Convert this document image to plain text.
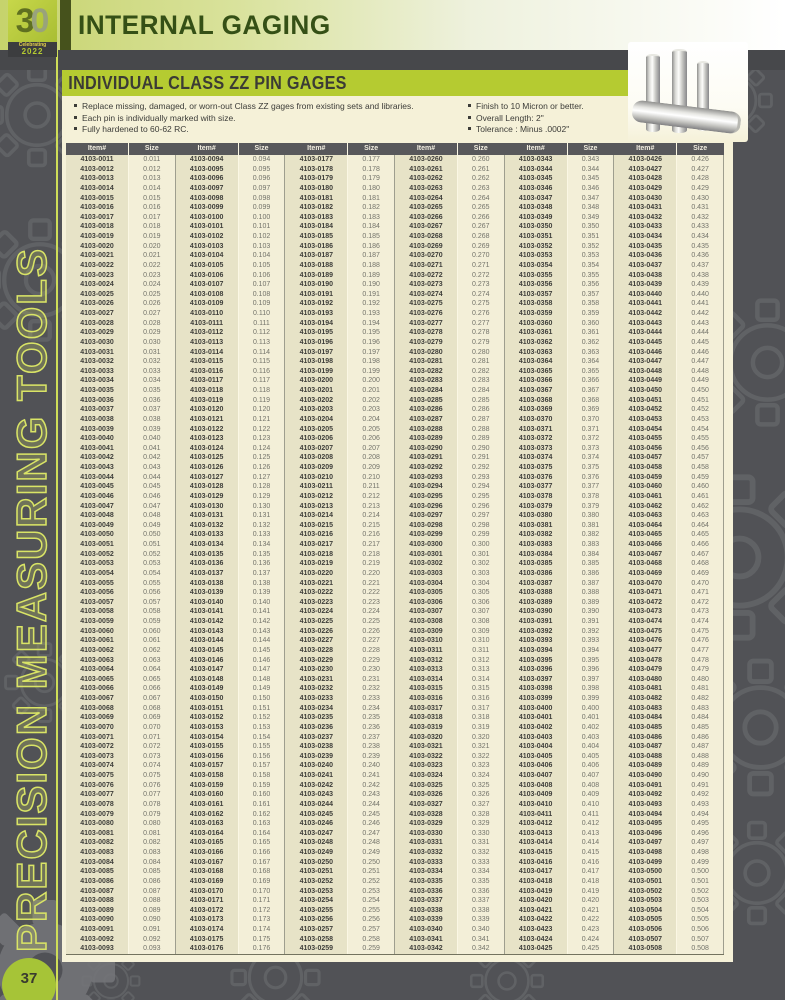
INTERNAL GAGING
3
0
Celebrating
2022
PRECISION MEASURING TOOLS
37
INDIVIDUAL CLASS ZZ PIN GAGES
Replace missing, damaged, or worn-out Class ZZ gages from existing sets and libraries.
Each pin is individually marked with size.
Fully hardened to 60-62 RC.
Finish to 10 Micron or better.
Overall Length: 2"
Tolerance : Minus .0002"
Item#	Size	Item#	Size	Item#	Size	Item#	Size	Item#	Size	Item#	Size
4103-0011	0.011	4103-0094	0.094	4103-0177	0.177	4103-0260	0.260	4103-0343	0.343	4103-0426	0.426
4103-0012	0.012	4103-0095	0.095	4103-0178	0.178	4103-0261	0.261	4103-0344	0.344	4103-0427	0.427
4103-0013	0.013	4103-0096	0.096	4103-0179	0.179	4103-0262	0.262	4103-0345	0.345	4103-0428	0.428
4103-0014	0.014	4103-0097	0.097	4103-0180	0.180	4103-0263	0.263	4103-0346	0.346	4103-0429	0.429
4103-0015	0.015	4103-0098	0.098	4103-0181	0.181	4103-0264	0.264	4103-0347	0.347	4103-0430	0.430
4103-0016	0.016	4103-0099	0.099	4103-0182	0.182	4103-0265	0.265	4103-0348	0.348	4103-0431	0.431
4103-0017	0.017	4103-0100	0.100	4103-0183	0.183	4103-0266	0.266	4103-0349	0.349	4103-0432	0.432
4103-0018	0.018	4103-0101	0.101	4103-0184	0.184	4103-0267	0.267	4103-0350	0.350	4103-0433	0.433
4103-0019	0.019	4103-0102	0.102	4103-0185	0.185	4103-0268	0.268	4103-0351	0.351	4103-0434	0.434
4103-0020	0.020	4103-0103	0.103	4103-0186	0.186	4103-0269	0.269	4103-0352	0.352	4103-0435	0.435
4103-0021	0.021	4103-0104	0.104	4103-0187	0.187	4103-0270	0.270	4103-0353	0.353	4103-0436	0.436
4103-0022	0.022	4103-0105	0.105	4103-0188	0.188	4103-0271	0.271	4103-0354	0.354	4103-0437	0.437
4103-0023	0.023	4103-0106	0.106	4103-0189	0.189	4103-0272	0.272	4103-0355	0.355	4103-0438	0.438
4103-0024	0.024	4103-0107	0.107	4103-0190	0.190	4103-0273	0.273	4103-0356	0.356	4103-0439	0.439
4103-0025	0.025	4103-0108	0.108	4103-0191	0.191	4103-0274	0.274	4103-0357	0.357	4103-0440	0.440
4103-0026	0.026	4103-0109	0.109	4103-0192	0.192	4103-0275	0.275	4103-0358	0.358	4103-0441	0.441
4103-0027	0.027	4103-0110	0.110	4103-0193	0.193	4103-0276	0.276	4103-0359	0.359	4103-0442	0.442
4103-0028	0.028	4103-0111	0.111	4103-0194	0.194	4103-0277	0.277	4103-0360	0.360	4103-0443	0.443
4103-0029	0.029	4103-0112	0.112	4103-0195	0.195	4103-0278	0.278	4103-0361	0.361	4103-0444	0.444
4103-0030	0.030	4103-0113	0.113	4103-0196	0.196	4103-0279	0.279	4103-0362	0.362	4103-0445	0.445
4103-0031	0.031	4103-0114	0.114	4103-0197	0.197	4103-0280	0.280	4103-0363	0.363	4103-0446	0.446
4103-0032	0.032	4103-0115	0.115	4103-0198	0.198	4103-0281	0.281	4103-0364	0.364	4103-0447	0.447
4103-0033	0.033	4103-0116	0.116	4103-0199	0.199	4103-0282	0.282	4103-0365	0.365	4103-0448	0.448
4103-0034	0.034	4103-0117	0.117	4103-0200	0.200	4103-0283	0.283	4103-0366	0.366	4103-0449	0.449
4103-0035	0.035	4103-0118	0.118	4103-0201	0.201	4103-0284	0.284	4103-0367	0.367	4103-0450	0.450
4103-0036	0.036	4103-0119	0.119	4103-0202	0.202	4103-0285	0.285	4103-0368	0.368	4103-0451	0.451
4103-0037	0.037	4103-0120	0.120	4103-0203	0.203	4103-0286	0.286	4103-0369	0.369	4103-0452	0.452
4103-0038	0.038	4103-0121	0.121	4103-0204	0.204	4103-0287	0.287	4103-0370	0.370	4103-0453	0.453
4103-0039	0.039	4103-0122	0.122	4103-0205	0.205	4103-0288	0.288	4103-0371	0.371	4103-0454	0.454
4103-0040	0.040	4103-0123	0.123	4103-0206	0.206	4103-0289	0.289	4103-0372	0.372	4103-0455	0.455
4103-0041	0.041	4103-0124	0.124	4103-0207	0.207	4103-0290	0.290	4103-0373	0.373	4103-0456	0.456
4103-0042	0.042	4103-0125	0.125	4103-0208	0.208	4103-0291	0.291	4103-0374	0.374	4103-0457	0.457
4103-0043	0.043	4103-0126	0.126	4103-0209	0.209	4103-0292	0.292	4103-0375	0.375	4103-0458	0.458
4103-0044	0.044	4103-0127	0.127	4103-0210	0.210	4103-0293	0.293	4103-0376	0.376	4103-0459	0.459
4103-0045	0.045	4103-0128	0.128	4103-0211	0.211	4103-0294	0.294	4103-0377	0.377	4103-0460	0.460
4103-0046	0.046	4103-0129	0.129	4103-0212	0.212	4103-0295	0.295	4103-0378	0.378	4103-0461	0.461
4103-0047	0.047	4103-0130	0.130	4103-0213	0.213	4103-0296	0.296	4103-0379	0.379	4103-0462	0.462
4103-0048	0.048	4103-0131	0.131	4103-0214	0.214	4103-0297	0.297	4103-0380	0.380	4103-0463	0.463
4103-0049	0.049	4103-0132	0.132	4103-0215	0.215	4103-0298	0.298	4103-0381	0.381	4103-0464	0.464
4103-0050	0.050	4103-0133	0.133	4103-0216	0.216	4103-0299	0.299	4103-0382	0.382	4103-0465	0.465
4103-0051	0.051	4103-0134	0.134	4103-0217	0.217	4103-0300	0.300	4103-0383	0.383	4103-0466	0.466
4103-0052	0.052	4103-0135	0.135	4103-0218	0.218	4103-0301	0.301	4103-0384	0.384	4103-0467	0.467
4103-0053	0.053	4103-0136	0.136	4103-0219	0.219	4103-0302	0.302	4103-0385	0.385	4103-0468	0.468
4103-0054	0.054	4103-0137	0.137	4103-0220	0.220	4103-0303	0.303	4103-0386	0.386	4103-0469	0.469
4103-0055	0.055	4103-0138	0.138	4103-0221	0.221	4103-0304	0.304	4103-0387	0.387	4103-0470	0.470
4103-0056	0.056	4103-0139	0.139	4103-0222	0.222	4103-0305	0.305	4103-0388	0.388	4103-0471	0.471
4103-0057	0.057	4103-0140	0.140	4103-0223	0.223	4103-0306	0.306	4103-0389	0.389	4103-0472	0.472
4103-0058	0.058	4103-0141	0.141	4103-0224	0.224	4103-0307	0.307	4103-0390	0.390	4103-0473	0.473
4103-0059	0.059	4103-0142	0.142	4103-0225	0.225	4103-0308	0.308	4103-0391	0.391	4103-0474	0.474
4103-0060	0.060	4103-0143	0.143	4103-0226	0.226	4103-0309	0.309	4103-0392	0.392	4103-0475	0.475
4103-0061	0.061	4103-0144	0.144	4103-0227	0.227	4103-0310	0.310	4103-0393	0.393	4103-0476	0.476
4103-0062	0.062	4103-0145	0.145	4103-0228	0.228	4103-0311	0.311	4103-0394	0.394	4103-0477	0.477
4103-0063	0.063	4103-0146	0.146	4103-0229	0.229	4103-0312	0.312	4103-0395	0.395	4103-0478	0.478
4103-0064	0.064	4103-0147	0.147	4103-0230	0.230	4103-0313	0.313	4103-0396	0.396	4103-0479	0.479
4103-0065	0.065	4103-0148	0.148	4103-0231	0.231	4103-0314	0.314	4103-0397	0.397	4103-0480	0.480
4103-0066	0.066	4103-0149	0.149	4103-0232	0.232	4103-0315	0.315	4103-0398	0.398	4103-0481	0.481
4103-0067	0.067	4103-0150	0.150	4103-0233	0.233	4103-0316	0.316	4103-0399	0.399	4103-0482	0.482
4103-0068	0.068	4103-0151	0.151	4103-0234	0.234	4103-0317	0.317	4103-0400	0.400	4103-0483	0.483
4103-0069	0.069	4103-0152	0.152	4103-0235	0.235	4103-0318	0.318	4103-0401	0.401	4103-0484	0.484
4103-0070	0.070	4103-0153	0.153	4103-0236	0.236	4103-0319	0.319	4103-0402	0.402	4103-0485	0.485
4103-0071	0.071	4103-0154	0.154	4103-0237	0.237	4103-0320	0.320	4103-0403	0.403	4103-0486	0.486
4103-0072	0.072	4103-0155	0.155	4103-0238	0.238	4103-0321	0.321	4103-0404	0.404	4103-0487	0.487
4103-0073	0.073	4103-0156	0.156	4103-0239	0.239	4103-0322	0.322	4103-0405	0.405	4103-0488	0.488
4103-0074	0.074	4103-0157	0.157	4103-0240	0.240	4103-0323	0.323	4103-0406	0.406	4103-0489	0.489
4103-0075	0.075	4103-0158	0.158	4103-0241	0.241	4103-0324	0.324	4103-0407	0.407	4103-0490	0.490
4103-0076	0.076	4103-0159	0.159	4103-0242	0.242	4103-0325	0.325	4103-0408	0.408	4103-0491	0.491
4103-0077	0.077	4103-0160	0.160	4103-0243	0.243	4103-0326	0.326	4103-0409	0.409	4103-0492	0.492
4103-0078	0.078	4103-0161	0.161	4103-0244	0.244	4103-0327	0.327	4103-0410	0.410	4103-0493	0.493
4103-0079	0.079	4103-0162	0.162	4103-0245	0.245	4103-0328	0.328	4103-0411	0.411	4103-0494	0.494
4103-0080	0.080	4103-0163	0.163	4103-0246	0.246	4103-0329	0.329	4103-0412	0.412	4103-0495	0.495
4103-0081	0.081	4103-0164	0.164	4103-0247	0.247	4103-0330	0.330	4103-0413	0.413	4103-0496	0.496
4103-0082	0.082	4103-0165	0.165	4103-0248	0.248	4103-0331	0.331	4103-0414	0.414	4103-0497	0.497
4103-0083	0.083	4103-0166	0.166	4103-0249	0.249	4103-0332	0.332	4103-0415	0.415	4103-0498	0.498
4103-0084	0.084	4103-0167	0.167	4103-0250	0.250	4103-0333	0.333	4103-0416	0.416	4103-0499	0.499
4103-0085	0.085	4103-0168	0.168	4103-0251	0.251	4103-0334	0.334	4103-0417	0.417	4103-0500	0.500
4103-0086	0.086	4103-0169	0.169	4103-0252	0.252	4103-0335	0.335	4103-0418	0.418	4103-0501	0.501
4103-0087	0.087	4103-0170	0.170	4103-0253	0.253	4103-0336	0.336	4103-0419	0.419	4103-0502	0.502
4103-0088	0.088	4103-0171	0.171	4103-0254	0.254	4103-0337	0.337	4103-0420	0.420	4103-0503	0.503
4103-0089	0.089	4103-0172	0.172	4103-0255	0.255	4103-0338	0.338	4103-0421	0.421	4103-0504	0.504
4103-0090	0.090	4103-0173	0.173	4103-0256	0.256	4103-0339	0.339	4103-0422	0.422	4103-0505	0.505
4103-0091	0.091	4103-0174	0.174	4103-0257	0.257	4103-0340	0.340	4103-0423	0.423	4103-0506	0.506
4103-0092	0.092	4103-0175	0.175	4103-0258	0.258	4103-0341	0.341	4103-0424	0.424	4103-0507	0.507
4103-0093	0.093	4103-0176	0.176	4103-0259	0.259	4103-0342	0.342	4103-0425	0.425	4103-0508	0.508
